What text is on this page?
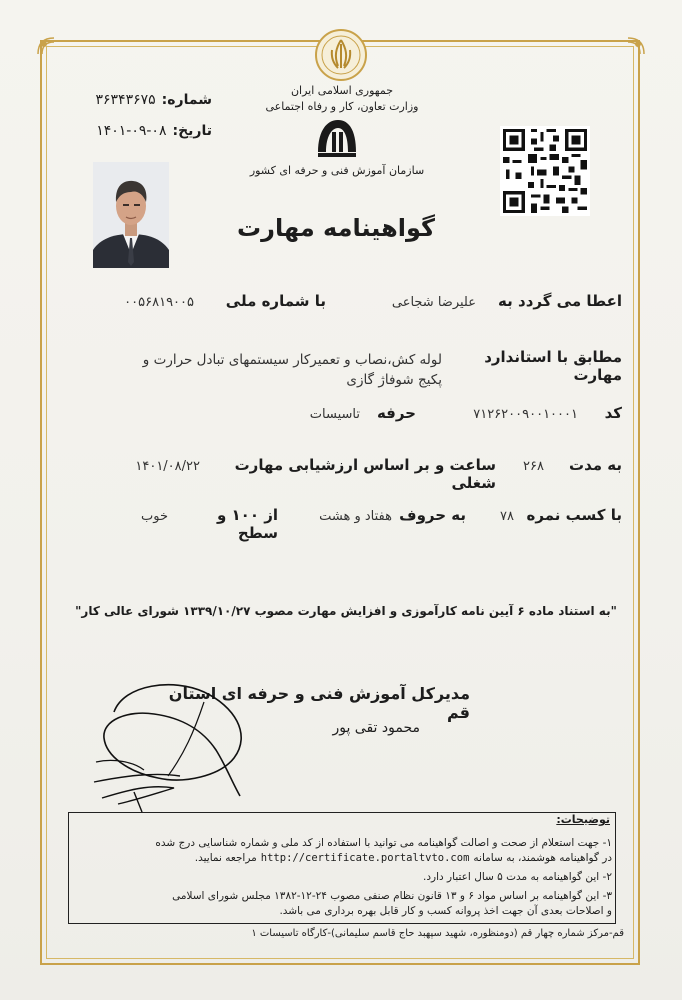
جمهوری اسلامی ایران
وزارت تعاون، کار و رفاه اجتماعی
سازمان آموزش فنی و حرفه ای کشور
شماره:
۳۶۳۴۳۶۷۵
تاریخ:
۱۴۰۱-۰۹-۰۸
گواهینامه مهارت
اعطا می گردد به
علیرضا شجاعی
با شماره ملی
۰۰۵۶۸۱۹۰۰۵
مطابق با استاندارد مهارت
لوله کش،نصاب و تعمیرکار سیستمهای تبادل حرارت و
پکیج شوفاژ گازی
کد
۷۱۲۶۲۰۰۹۰۰۱۰۰۰۱
حرفه
تاسیسات
به مدت
۲۶۸
ساعت و بر اساس ارزشیابی مهارت شغلی
۱۴۰۱/۰۸/۲۲
با کسب نمره
۷۸
به حروف
هفتاد و هشت
از ۱۰۰ و سطح
خوب
"به استناد ماده ۶ آیین نامه کارآموزی و افزایش مهارت مصوب ۱۳۳۹/۱۰/۲۷ شورای عالی کار"
مدیرکل آموزش فنی و حرفه ای استان قم
محمود تقی پور
توضیحات:
۱- جهت استعلام از صحت و اصالت گواهینامه می توانید با استفاده از کد ملی و شماره شناسایی درج شده
در گواهینامه هوشمند، به سامانه
http://certificate.portaltvto.com
مراجعه نمایید.
۲- این گواهینامه به مدت ۵ سال اعتبار دارد.
۳- این گواهینامه بر اساس مواد ۶ و ۱۳ قانون نظام صنفی مصوب ۲۴-۱۲-۱۳۸۲ مجلس شورای اسلامی
و اصلاحات بعدی آن جهت اخذ پروانه کسب و کار قابل بهره برداری می باشد.
قم-مرکز شماره چهار قم (دومنظوره، شهید سپهبد حاج قاسم سلیمانی)-کارگاه تاسیسات ۱
